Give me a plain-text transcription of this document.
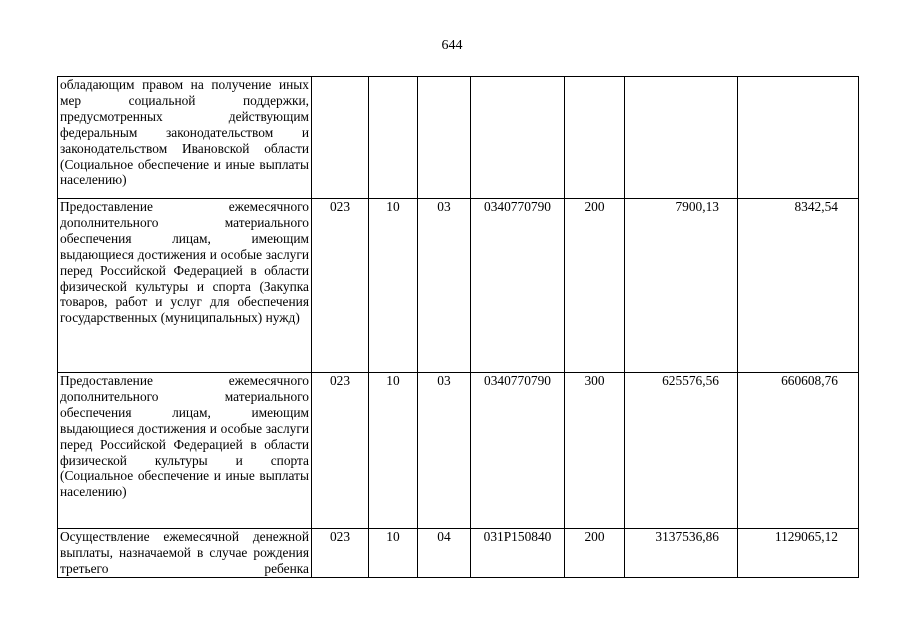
644
обладающим правом на получение иных мер социальной поддержки, предусмотренных действующим федеральным законодательством и законодательством Ивановской области (Социальное обеспечение и иные выплаты населению)							
Предоставление ежемесячного дополнительного материального обеспечения лицам, имеющим выдающиеся достижения и особые заслуги перед Российской Федерацией в области физической культуры и спорта (Закупка товаров, работ и услуг для обеспечения государственных (муниципальных) нужд)	023	10	03	0340770790	200	7900,13	8342,54
Предоставление ежемесячного дополнительного материального обеспечения лицам, имеющим выдающиеся достижения и особые заслуги перед Российской Федерацией в области физической культуры и спорта (Социальное обеспечение и иные выплаты населению)	023	10	03	0340770790	300	625576,56	660608,76
Осуществление ежемесячной денежной выплаты, назначаемой в случае рождения третьего ребенка	023	10	04	031P150840	200	3137536,86	1129065,12
